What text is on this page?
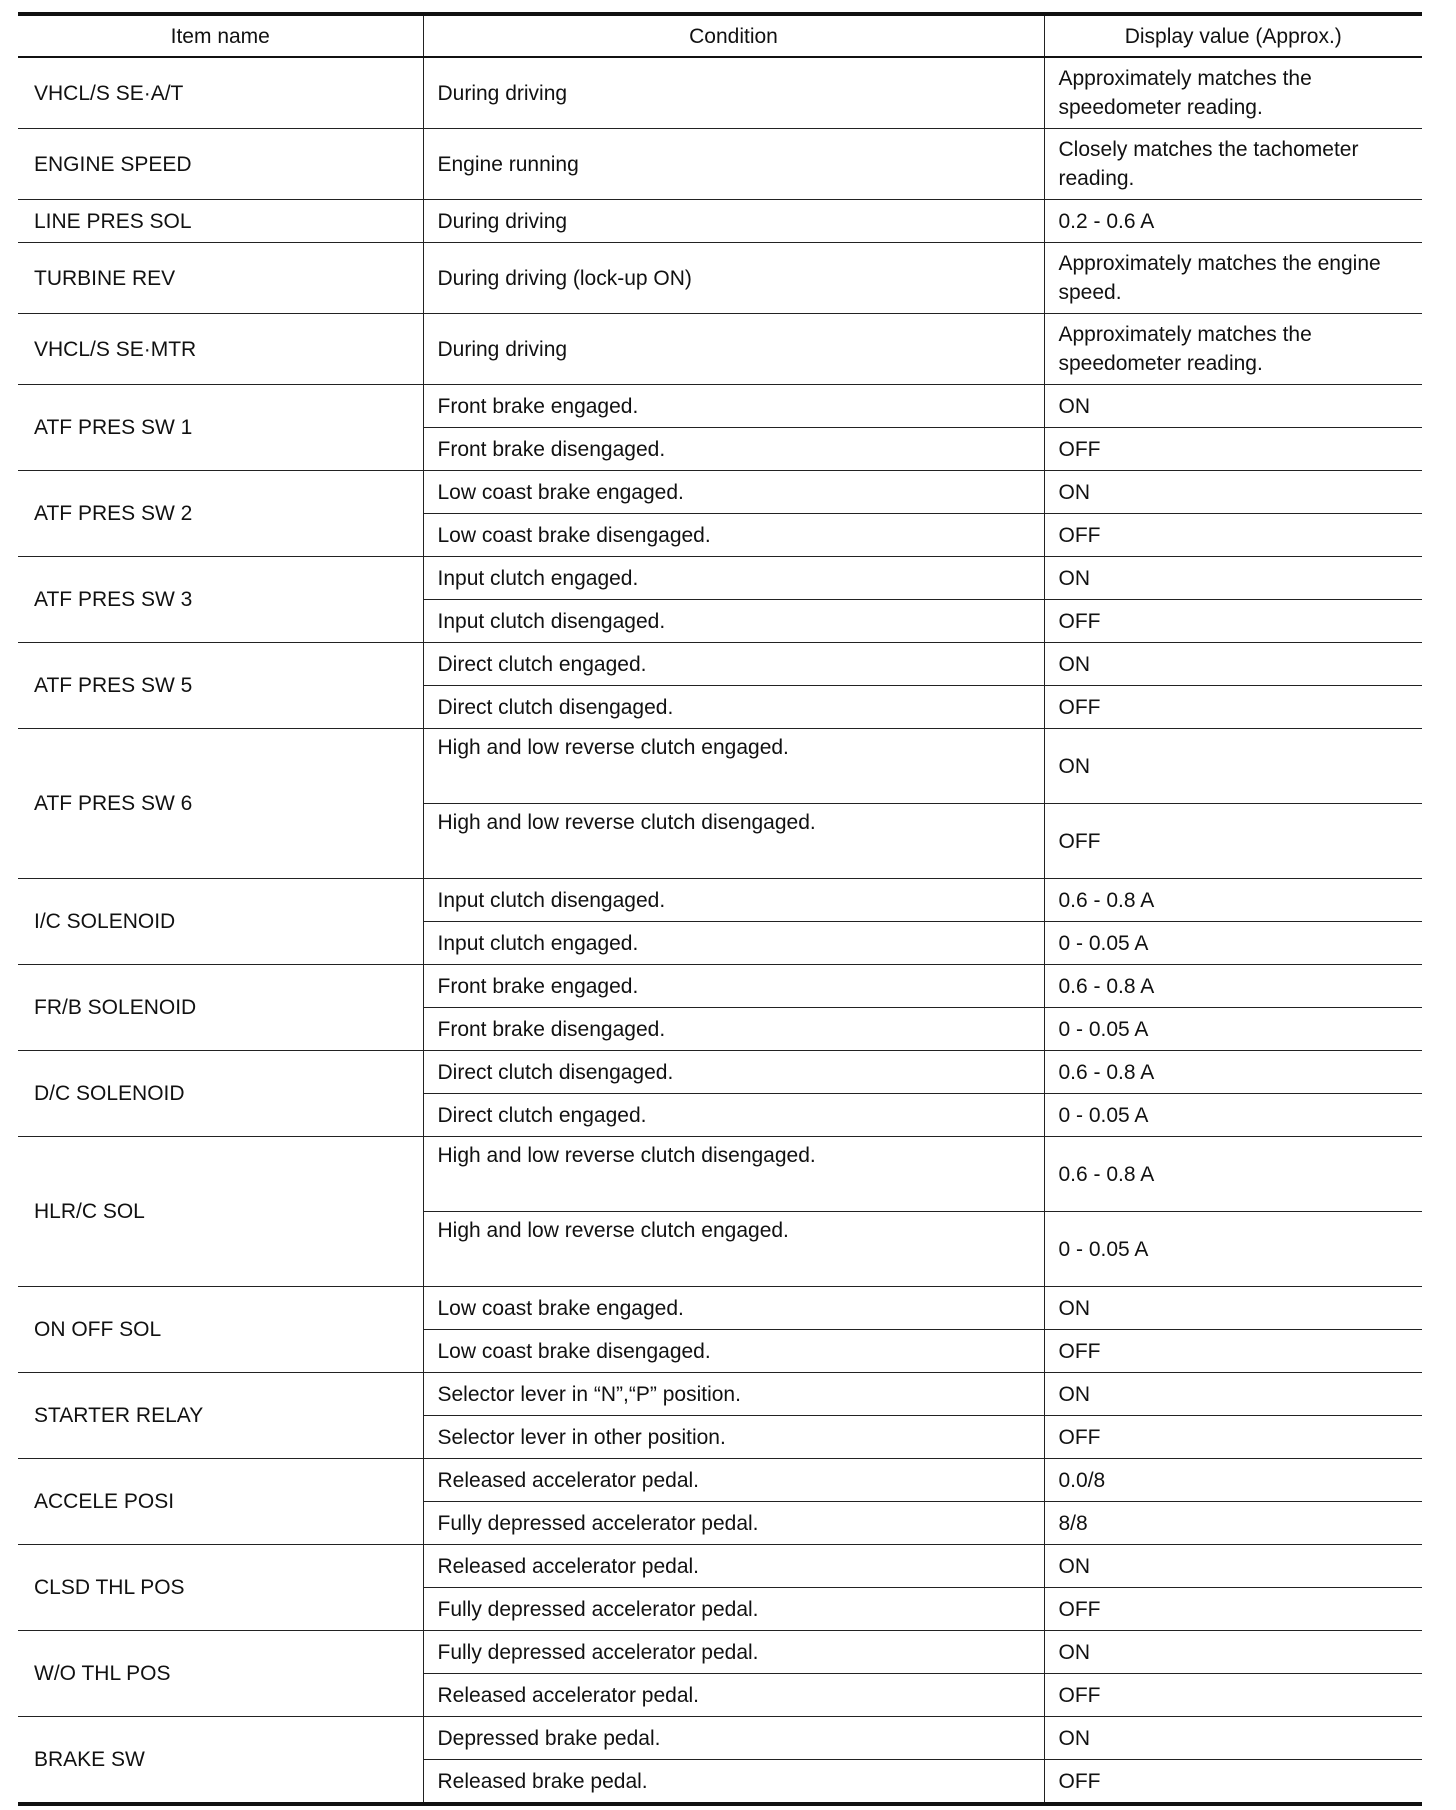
Item name	Condition	Display value (Approx.)
VHCL/S SE·A/T	During driving	Approximately matches the speedometer reading.
ENGINE SPEED	Engine running	Closely matches the tachometer reading.
LINE PRES SOL	During driving	0.2 - 0.6 A
TURBINE REV	During driving (lock-up ON)	Approximately matches the engine speed.
VHCL/S SE·MTR	During driving	Approximately matches the speedometer reading.
ATF PRES SW 1	Front brake engaged.	ON
	Front brake disengaged.	OFF
ATF PRES SW 2	Low coast brake engaged.	ON
	Low coast brake disengaged.	OFF
ATF PRES SW 3	Input clutch engaged.	ON
	Input clutch disengaged.	OFF
ATF PRES SW 5	Direct clutch engaged.	ON
	Direct clutch disengaged.	OFF
ATF PRES SW 6	High and low reverse clutch engaged.	ON
	High and low reverse clutch disengaged.	OFF
I/C SOLENOID	Input clutch disengaged.	0.6 - 0.8 A
	Input clutch engaged.	0 - 0.05 A
FR/B SOLENOID	Front brake engaged.	0.6 - 0.8 A
	Front brake disengaged.	0 - 0.05 A
D/C SOLENOID	Direct clutch disengaged.	0.6 - 0.8 A
	Direct clutch engaged.	0 - 0.05 A
HLR/C SOL	High and low reverse clutch disengaged.	0.6 - 0.8 A
	High and low reverse clutch engaged.	0 - 0.05 A
ON OFF SOL	Low coast brake engaged.	ON
	Low coast brake disengaged.	OFF
STARTER RELAY	Selector lever in “N”,“P” position.	ON
	Selector lever in other position.	OFF
ACCELE POSI	Released accelerator pedal.	0.0/8
	Fully depressed accelerator pedal.	8/8
CLSD THL POS	Released accelerator pedal.	ON
	Fully depressed accelerator pedal.	OFF
W/O THL POS	Fully depressed accelerator pedal.	ON
	Released accelerator pedal.	OFF
BRAKE SW	Depressed brake pedal.	ON
	Released brake pedal.	OFF
